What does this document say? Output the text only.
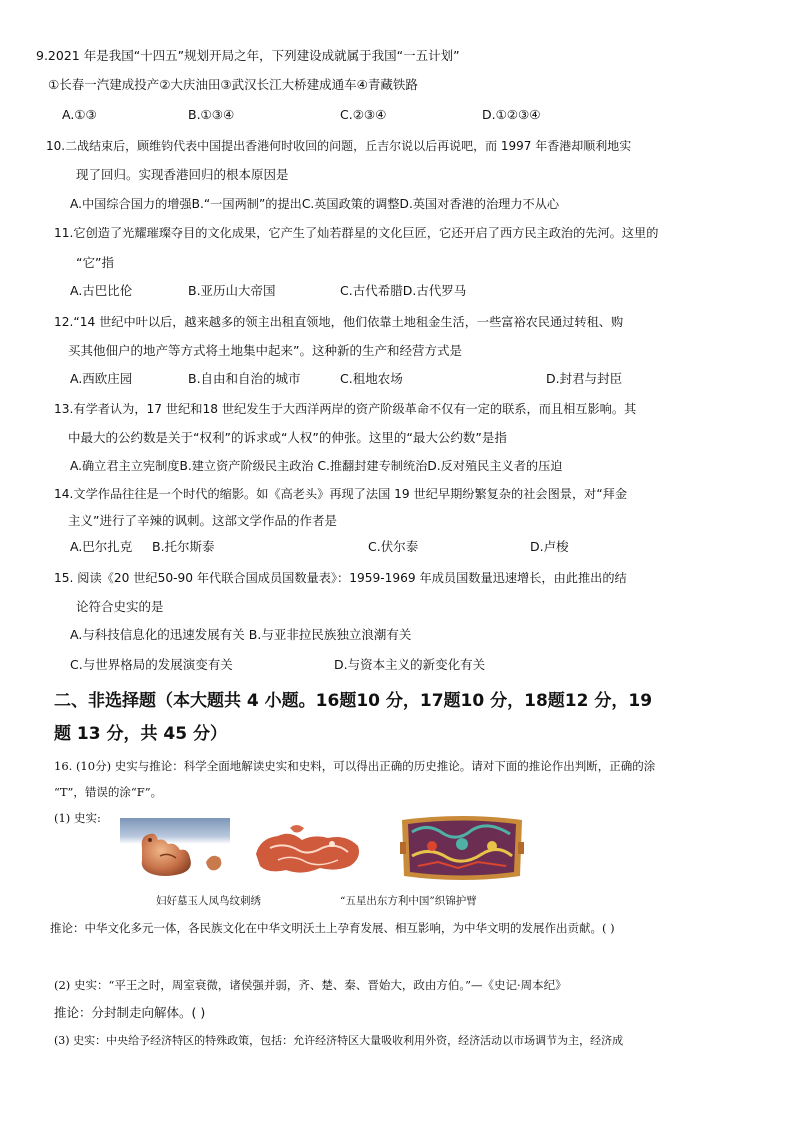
9.2021 年是我国“十四五”规划开局之年，下列建设成就属于我国“一五计划”
①长春一汽建成投产②大庆油田③武汉长江大桥建成通车④青藏铁路
A.①③	B.①③④	C.②③④	D.①②③④
10.二战结束后，顾维钧代表中国提出香港何时收回的问题，丘吉尔说以后再说吧，而 1997 年香港却顺利地实
现了回归。实现香港回归的根本原因是
A.中国综合国力的增强B.“一国两制”的提出C.英国政策的调整D.英国对香港的治理力不从心
11.它创造了光耀璀璨夺目的文化成果，它产生了灿若群星的文化巨匠，它还开启了西方民主政治的先河。这里的
“它”指
A.古巴比伦	B.亚历山大帝国	C.古代希腊D.古代罗马
12.“14 世纪中叶以后，越来越多的领主出租直领地，他们依靠土地租金生活，一些富裕农民通过转租、购
买其他佃户的地产等方式将土地集中起来”。这种新的生产和经营方式是
A.西欧庄园	B.自由和自治的城市	C.租地农场	D.封君与封臣
13.有学者认为，17 世纪和18 世纪发生于大西洋两岸的资产阶级革命不仅有一定的联系，而且相互影响。其
中最大的公约数是关于“权利”的诉求或“人权”的伸张。这里的“最大公约数”是指
A.确立君主立宪制度B.建立资产阶级民主政治 C.推翻封建专制统治D.反对殖民主义者的压迫
14.文学作品往往是一个时代的缩影。如《高老头》再现了法国 19 世纪早期纷繁复杂的社会图景，对“拜金
主义”进行了辛辣的讽刺。这部文学作品的作者是
A.巴尔扎克 B.托尔斯泰	C.伏尔泰	D.卢梭
15. 阅读《20 世纪50-90 年代联合国成员国数量表》：1959-1969 年成员国数量迅速增长，由此推出的结
论符合史实的是
A.与科技信息化的迅速发展有关 B.与亚非拉民族独立浪潮有关
C.与世界格局的发展演变有关	D.与资本主义的新变化有关
二、非选择题（本大题共 4 小题。16题10 分，17题10 分，18题12 分，19
题 13 分，共 45 分）
16. (10分) 史实与推论：科学全面地解读史实和史料，可以得出正确的历史推论。请对下面的推论作出判断，正确的涂
“T”，错误的涂“F”。
(1) 史实:
妇好墓玉人凤鸟纹刺绣	“五星出东方利中国”织锦护臂
推论：中华文化多元一体，各民族文化在中华文明沃土上孕育发展、相互影响，为中华文明的发展作出贡献。( )
(2) 史实：“平王之时，周室衰微，诸侯强并弱，齐、楚、秦、晋始大，政由方伯。”—《史记·周本纪》
推论：分封制走向解体。( )
(3) 史实：中央给予经济特区的特殊政策，包括：允许经济特区大量吸收利用外资，经济活动以市场调节为主，经济成
